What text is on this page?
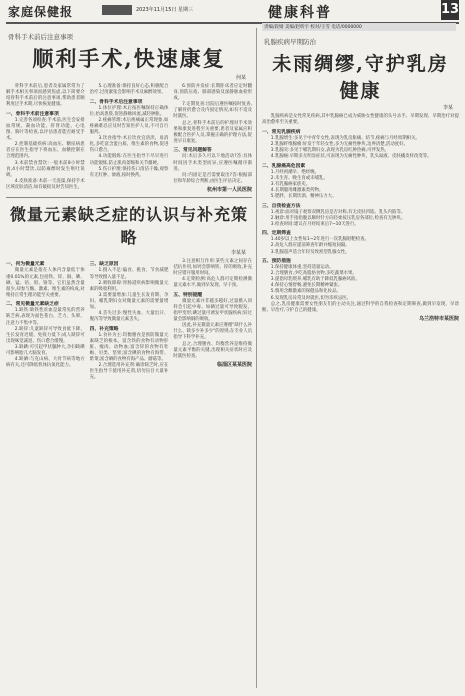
家庭保健报	2023年11月15日 星期三	健康科普	13
骨科手术前后注意事项
顺利手术,快速康复
何某

骨科手术前后,患者及家属常常为了解手术相关事项而感到焦虑,以下简要介绍骨科手术前后的注意事项,帮助患者顺利度过手术期,尽快恢复健康。

一、骨科手术前注意事项

1.完善各项检查:手术前,医生会安排血常规、凝血功能、肝肾功能、心电图、胸片等检查,以评估患者能否耐受手术。

2.控制基础疾病:高血压、糖尿病患者应在医生指导下将血压、血糖控制在合理范围内。

3.术前禁食禁饮:一般术前8小时禁食,4小时禁饮,以防麻醉时发生呕吐误吸。

4.皮肤准备:术前一天洗澡,保持手术区域皮肤清洁,如有破损及时告知医生。

5.心理准备:保持良好心态,积极配合治疗,过度紧张会影响手术及麻醉效果。

二、骨科手术后注意事项

1.体位护理:术后按医嘱保持正确体位,抬高患肢,促进静脉回流,减轻肿胀。

2.疼痛管理:术后疼痛属正常现象,如疼痛难忍应及时告知医护人员,不可自行服药。

3.饮食指导:术后饮食宜清淡、易消化,多吃富含蛋白质、维生素的食物,促进伤口愈合。

4.功能锻炼:在医生指导下尽早进行功能锻炼,防止肌肉萎缩和关节僵硬。

5.伤口护理:保持伤口清洁干燥,观察有无红肿、渗液,按时换药。

6.预防并发症:长期卧床者应定时翻身,预防压疮、肺部感染及深静脉血栓形成。

7.定期复查:出院后遵医嘱按时复查,了解骨折愈合及内固定情况,如有不适及时就医。

总之,骨科手术前后的护理对手术效果和康复进程至关重要,患者及家属应积极配合医护人员,掌握正确的护理方法,促进早日康复。

三、常见问题解答

问:术后多久可以下地活动?答:具体时间因手术类型而异,应遵医嘱循序渐进。

问:内固定是否需要取出?答:根据部位和年龄综合判断,由医生评估决定。

杭州市第一人民医院
微量元素缺乏症的认识与补充策略
李某某
一、何为微量元素

微量元素是指在人体内含量低于体重0.01%的元素,包括铁、锌、铜、碘、硒、锰、钴、钼、铬等。它们虽然含量很少,却参与酶、激素、维生素的构成,对维持正常生理功能至关重要。

二、常见微量元素缺乏症

1.缺铁:缺铁性贫血是最常见的营养缺乏病,表现为面色苍白、乏力、头晕、注意力不集中等。

2.缺锌:儿童缺锌可导致食欲下降、生长发育迟缓、免疫力低下;成人缺锌可出现味觉减退、伤口愈合缓慢。

3.缺碘:可引起甲状腺肿大,孕妇缺碘可影响胎儿大脑发育。

4.缺硒:与克山病、大骨节病等地方病有关,还可降低机体抗氧化能力。

三、缺乏原因

1.摄入不足:偏食、挑食、节食减肥等导致摄入量不足。

2.吸收障碍:胃肠道疾病影响微量元素的吸收利用。

3.需要量增加:儿童生长发育期、孕妇、哺乳期妇女对微量元素的需要量增加。

4.丢失过多:慢性失血、大量出汗、腹泻等导致微量元素丢失。

四、补充策略

1.食补为主:均衡膳食是预防微量元素缺乏的根本。富含铁的食物有动物肝脏、瘦肉、动物血;富含锌的食物有牡蛎、贝类、坚果;富含碘的食物有海带、紫菜;富含硒的食物有海产品、蘑菇等。

2.合理选用补充剂:确诊缺乏时,应在医生指导下使用补充剂,切勿盲目大量补充。

3.注意相互作用:某些元素之间存在拮抗作用,如钙会影响铁、锌的吸收,补充时应错开服用时间。

4.定期检测:高危人群可定期检测微量元素水平,做到早发现、早干预。

五、特别提醒

微量元素并非越多越好,过量摄入同样会引起中毒。如硒过量可导致脱发、指甲变形;碘过量可诱发甲状腺疾病;锌过量会影响铜的吸收。

因此,补充微量元素应遵循"缺什么补什么、缺多少补多少"的原则,在专业人员指导下科学补充。

总之,合理膳食、均衡营养是维持微量元素平衡的关键,出现相关症状时应及时就医检查。

临淄区某某医院
责编/段婧 美编/赵昕宇 校对/王雪 电话/0000000
乳腺疾病早期防治
未雨绸缪,守护乳房健康
李某

乳腺疾病是女性常见疾病,其中乳腺癌已成为威胁女性健康的头号杀手。早期发现、早期治疗对提高治愈率至关重要。

一、常见乳腺疾病

1.乳腺增生:多见于中青年女性,表现为乳房胀痛、结节,疼痛与月经周期相关。

2.乳腺纤维腺瘤:好发于年轻女性,多为无痛性肿块,边界清楚,活动度好。

3.乳腺炎:多见于哺乳期妇女,表现为乳房红肿热痛,可伴发热。

4.乳腺癌:早期多无明显症状,可表现为无痛性肿块、乳头溢液、皮肤橘皮样改变等。

二、乳腺癌高危因素

1.月经初潮早、绝经晚。

2.未生育、晚生育或未哺乳。

3.有乳腺癌家族史。

4.长期服用雌激素类药物。

5.肥胖、长期饮酒、精神压力大。

三、自我检查方法

1.视诊:面对镜子观察双侧乳房是否对称,有无皮肤凹陷、乳头内陷等。

2.触诊:用手指指腹以顺时针方向轻柔按压乳房各部位,检查有无肿块。

3.检查时间:建议在月经结束后7~10天进行。

四、定期筛查

1.40岁以上女性每1~2年进行一次乳腺钼靶检查。

2.高危人群应提前筛查年龄并缩短间隔。

3.乳腺超声适合年轻及致密型乳腺女性。

五、预防措施

1.保持健康体重,坚持适量运动。

2.合理膳食,少吃高脂肪食物,多吃蔬菜水果。

3.提倡母乳喂养,哺乳有助于降低乳腺癌风险。

4.保持心情舒畅,避免长期精神紧张。

5.慎用含雌激素的保健品和化妆品。

6.发现乳房异常及时就医,切勿讳疾忌医。

总之,乳房健康需要女性朋友们的主动关注,通过科学的自我检查和定期筛查,做到早发现、早诊断、早治疗,守护自己的健康。

乌兰浩特市某医院
